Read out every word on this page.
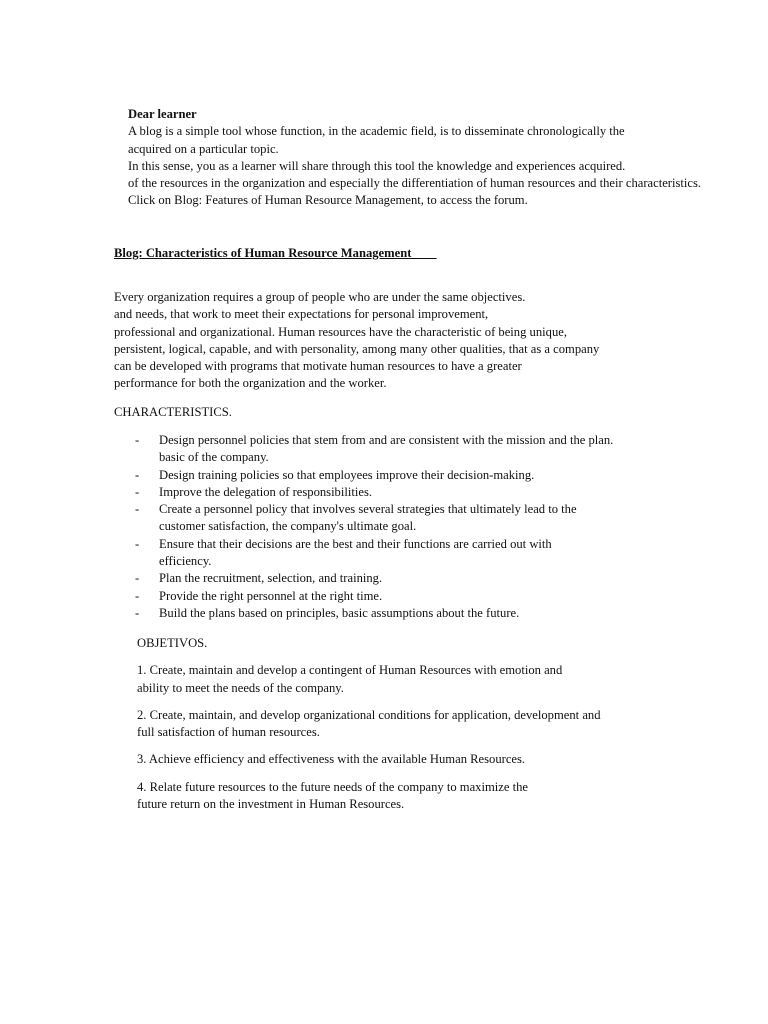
Dear learner

A blog is a simple tool whose function, in the academic field, is to disseminate chronologically the

acquired on a particular topic.

In this sense, you as a learner will share through this tool the knowledge and experiences acquired.

of the resources in the organization and especially the differentiation of human resources and their characteristics.

Click on Blog: Features of Human Resource Management, to access the forum.

Blog: Characteristics of Human Resource Management

Every organization requires a group of people who are under the same objectives.

and needs, that work to meet their expectations for personal improvement,

professional and organizational. Human resources have the characteristic of being unique,

persistent, logical, capable, and with personality, among many other qualities, that as a company

can be developed with programs that motivate human resources to have a greater

performance for both the organization and the worker.

CHARACTERISTICS.

- Design personnel policies that stem from and are consistent with the mission and the plan.
basic of the company.
- Design training policies so that employees improve their decision-making.
- Improve the delegation of responsibilities.
- Create a personnel policy that involves several strategies that ultimately lead to the
customer satisfaction, the company's ultimate goal.
- Ensure that their decisions are the best and their functions are carried out with
efficiency.
- Plan the recruitment, selection, and training.
- Provide the right personnel at the right time.
- Build the plans based on principles, basic assumptions about the future.

OBJETIVOS.

1. Create, maintain and develop a contingent of Human Resources with emotion and
ability to meet the needs of the company.

2. Create, maintain, and develop organizational conditions for application, development and
full satisfaction of human resources.

3. Achieve efficiency and effectiveness with the available Human Resources.

4. Relate future resources to the future needs of the company to maximize the
future return on the investment in Human Resources.
